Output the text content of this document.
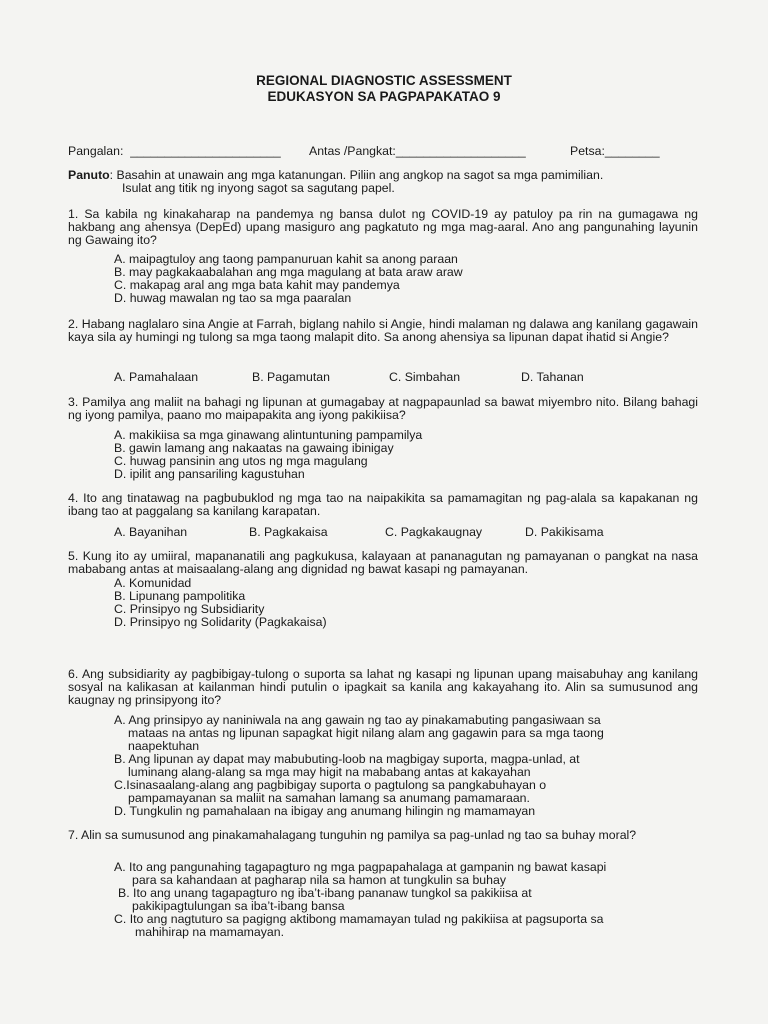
REGIONAL DIAGNOSTIC ASSESSMENT
EDUKASYON SA PAGPAPAKATAO 9
Pangalan:  ______________________ Antas /Pangkat:___________________	Petsa:________
Panuto: Basahin at unawain ang mga katanungan. Piliin ang angkop na sagot sa mga pamimilian.
Isulat ang titik ng inyong sagot sa sagutang papel.
1. Sa kabila ng kinakaharap na pandemya ng bansa dulot ng COVID-19 ay patuloy pa rin na gumagawa ng hakbang ang ahensya (DepEd) upang masiguro ang pagkatuto ng mga mag-aaral. Ano ang pangunahing layunin ng Gawaing ito?
A. maipagtuloy ang taong pampanuruan kahit sa anong paraan
B. may pagkakaabalahan ang mga magulang at bata araw araw
C. makapag aral ang mga bata kahit may pandemya
D. huwag mawalan ng tao sa mga paaralan
2. Habang naglalaro sina Angie at Farrah, biglang nahilo si Angie, hindi malaman ng dalawa ang kanilang gagawain kaya sila ay humingi ng tulong sa mga taong malapit dito. Sa anong ahensiya sa lipunan dapat ihatid si Angie?
A. Pamahalaan	B. Pagamutan	C. Simbahan	D. Tahanan
3. Pamilya ang maliit na bahagi ng lipunan at gumagabay at nagpapaunlad sa bawat miyembro nito. Bilang bahagi ng iyong pamilya, paano mo maipapakita ang iyong pakikiisa?
A. makikiisa sa mga ginawang alintuntuning pampamilya
B. gawin lamang ang nakaatas na gawaing ibinigay
C. huwag pansinin ang utos ng mga magulang
D. ipilit ang pansariling kagustuhan
4. Ito ang tinatawag na pagbubuklod ng mga tao na naipakikita sa pamamagitan ng pag-alala sa kapakanan ng ibang tao at paggalang sa kanilang karapatan.
A. Bayanihan	B. Pagkakaisa	C. Pagkakaugnay	D. Pakikisama
5. Kung ito ay umiiral, mapananatili ang pagkukusa, kalayaan at pananagutan ng pamayanan o pangkat na nasa mababang antas at maisaalang-alang ang dignidad ng bawat kasapi ng pamayanan.
A. Komunidad
B. Lipunang pampolitika
C. Prinsipyo ng Subsidiarity
D. Prinsipyo ng Solidarity (Pagkakaisa)
6. Ang subsidiarity ay pagbibigay-tulong o suporta sa lahat ng kasapi ng lipunan upang maisabuhay ang kanilang sosyal na kalikasan at kailanman hindi putulin o ipagkait sa kanila ang kakayahang ito. Alin sa sumusunod ang kaugnay ng prinsipyong ito?
A. Ang prinsipyo ay naniniwala na ang gawain ng tao ay pinakamabuting pangasiwaan sa
mataas na antas ng lipunan sapagkat higit nilang alam ang gagawin para sa mga taong
naapektuhan
B. Ang lipunan ay dapat may mabubuting-loob na magbigay suporta, magpa-unlad, at
luminang alang-alang sa mga may higit na mababang antas at kakayahan
C.Isinasaalang-alang ang pagbibigay suporta o pagtulong sa pangkabuhayan o
pampamayanan sa maliit na samahan lamang sa anumang pamamaraan.
D. Tungkulin ng pamahalaan na ibigay ang anumang hilingin ng mamamayan
7. Alin sa sumusunod ang pinakamahalagang tunguhin ng pamilya sa pag-unlad ng tao sa buhay moral?
A. Ito ang pangunahing tagapagturo ng mga pagpapahalaga at gampanin ng bawat kasapi
para sa kahandaan at pagharap nila sa hamon at tungkulin sa buhay
B. Ito ang unang tagapagturo ng iba’t-ibang pananaw tungkol sa pakikiisa at
pakikipagtulungan sa iba’t-ibang bansa
C. Ito ang nagtuturo sa pagigng aktibong mamamayan tulad ng pakikiisa at pagsuporta sa
mahihirap na mamamayan.
